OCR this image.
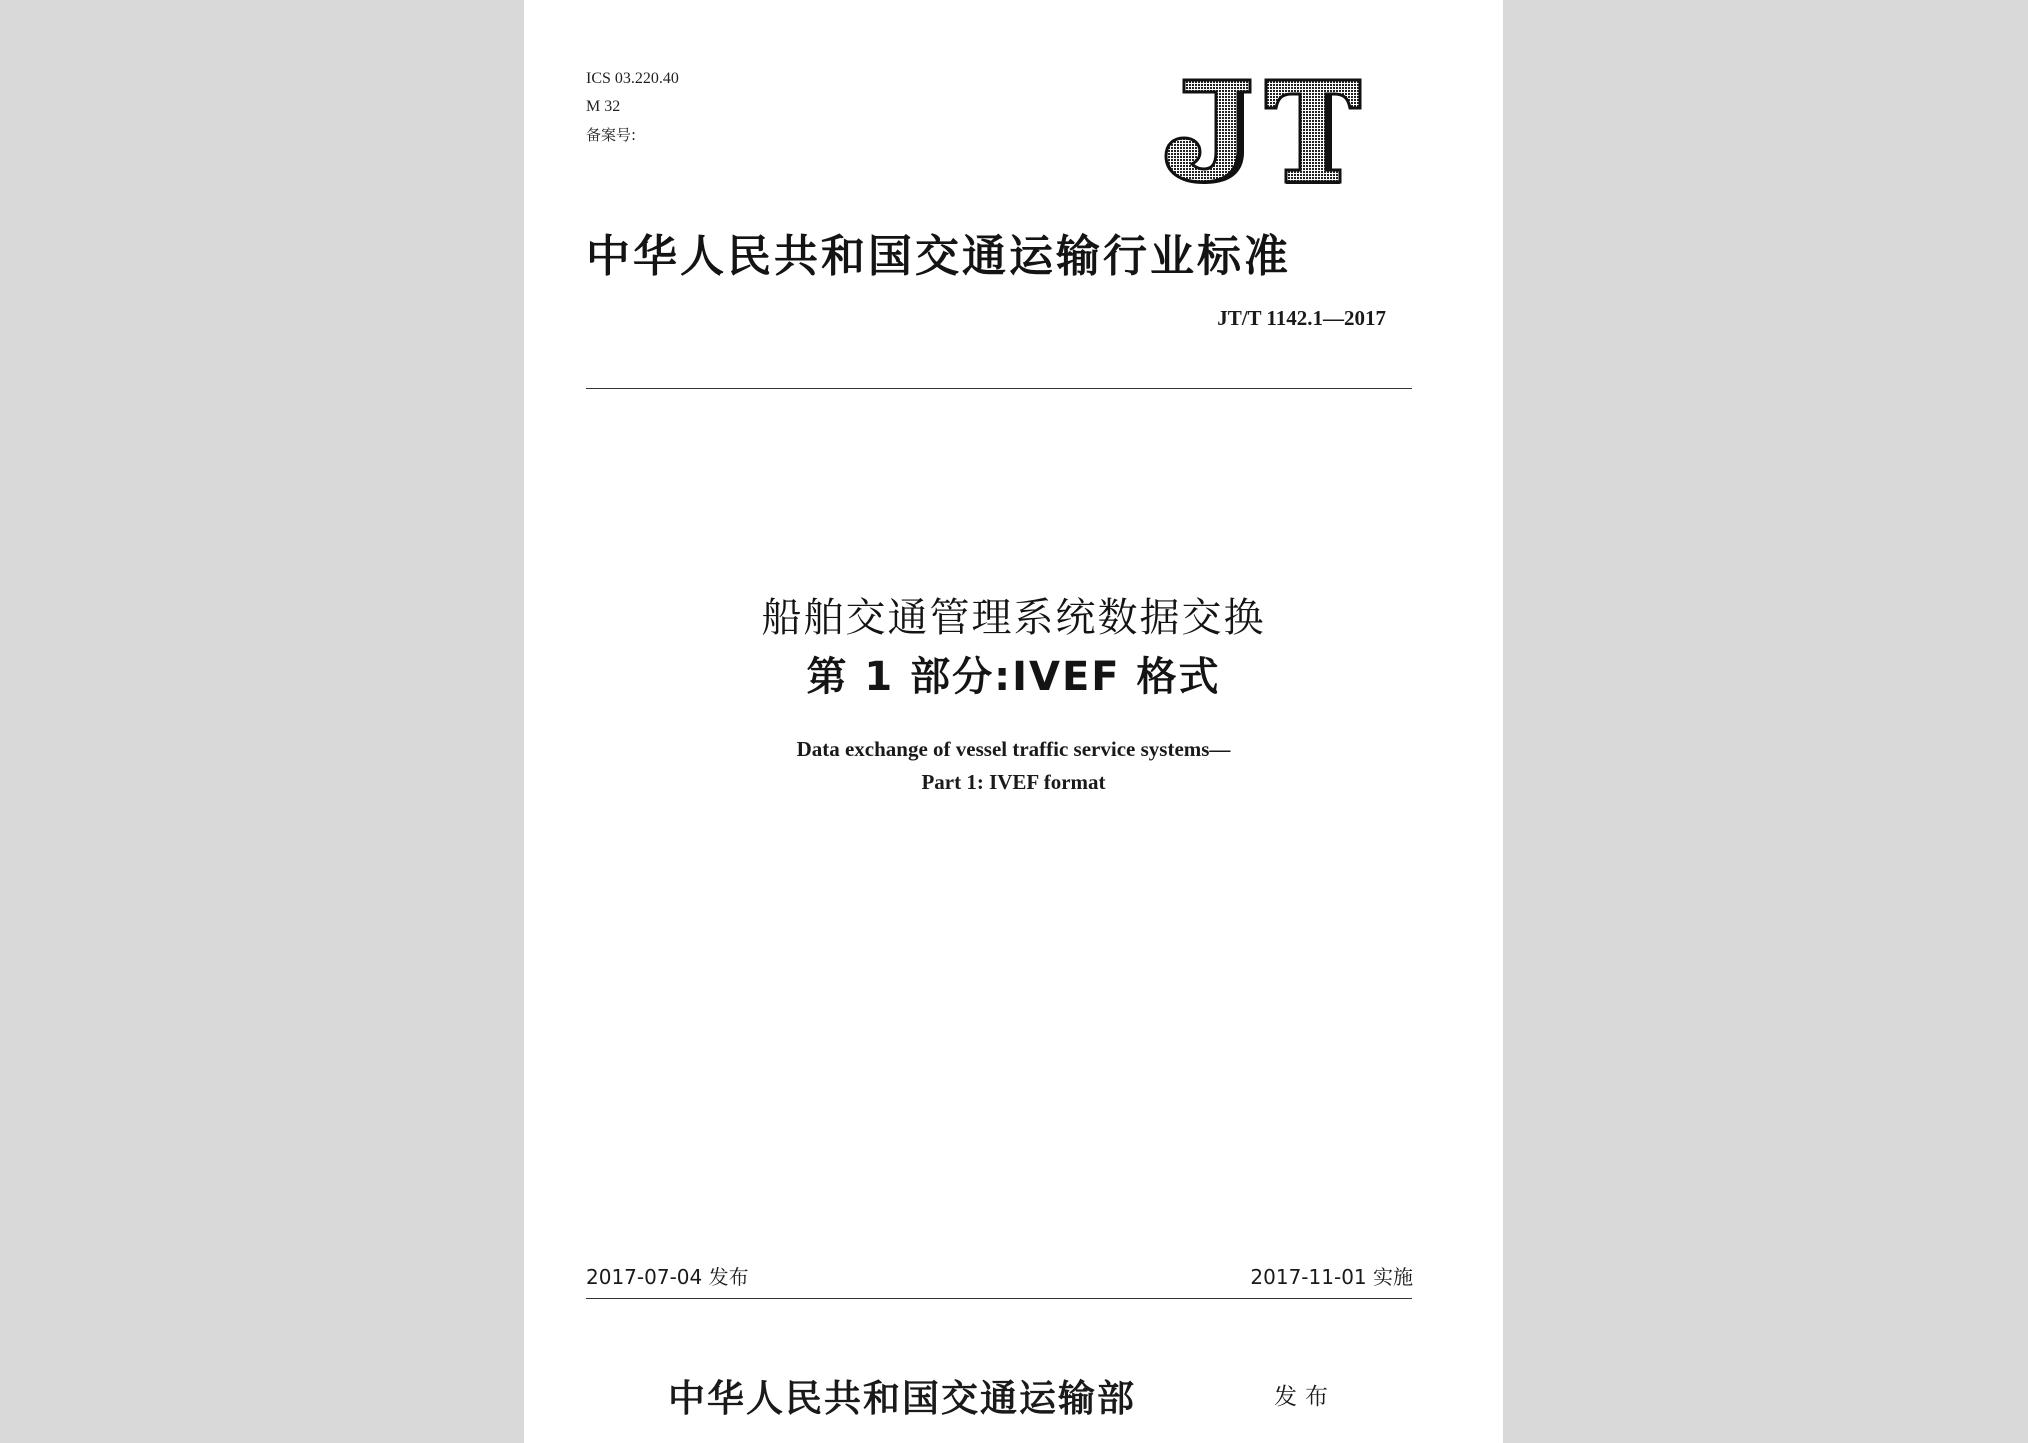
ICS 03.220.40
M 32
备案号:
中华人民共和国交通运输行业标准
JT/T 1142.1—2017
船舶交通管理系统数据交换
第 1 部分:IVEF 格式
Data exchange of vessel traffic service systems—
Part 1: IVEF format
2017-07-04 发布	2017-11-01 实施
中华人民共和国交通运输部	发布
